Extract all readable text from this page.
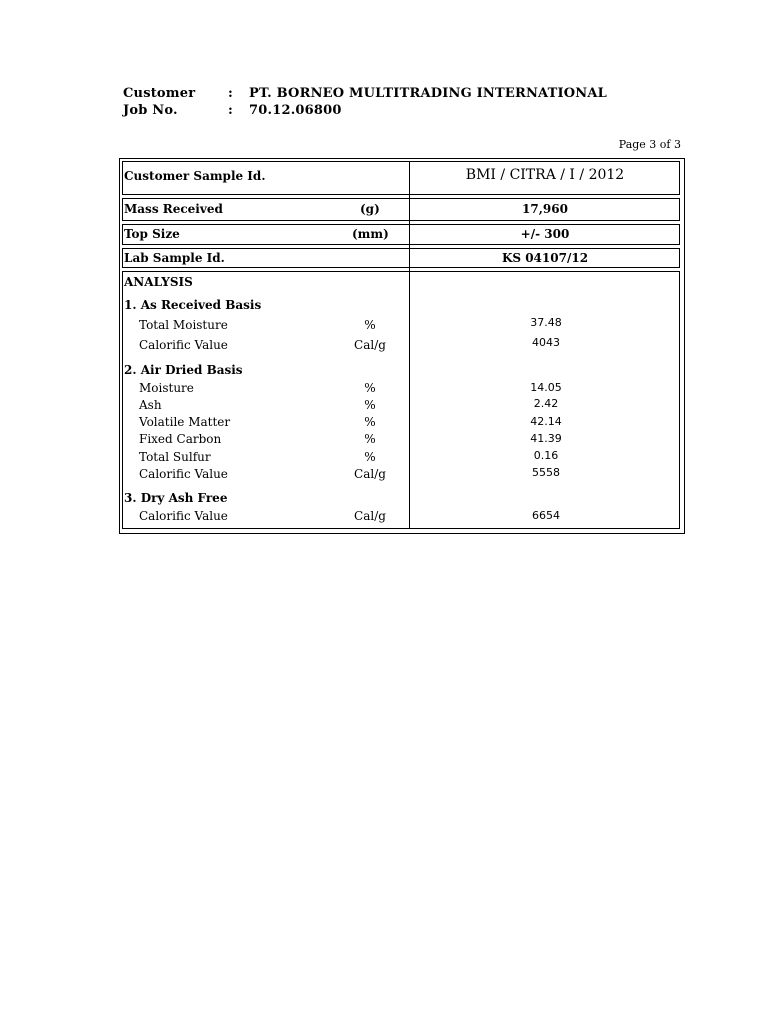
Customer	: PT. BORNEO MULTITRADING INTERNATIONAL
Job No.	: 70.12.06800
Page 3 of 3
Customer Sample Id.	BMI / CITRA / I / 2012
Mass Received	(g)	17,960
Top Size	(mm)	+/- 300
Lab Sample Id.	KS 04107/12
ANALYSIS
1. As Received Basis
Total Moisture	%	37.48
Calorific Value	Cal/g	4043
2. Air Dried Basis
Moisture	%	14.05
Ash	%	2.42
Volatile Matter	%	42.14
Fixed Carbon	%	41.39
Total Sulfur	%	0.16
Calorific Value	Cal/g	5558
3. Dry Ash Free
Calorific Value	Cal/g	6654
